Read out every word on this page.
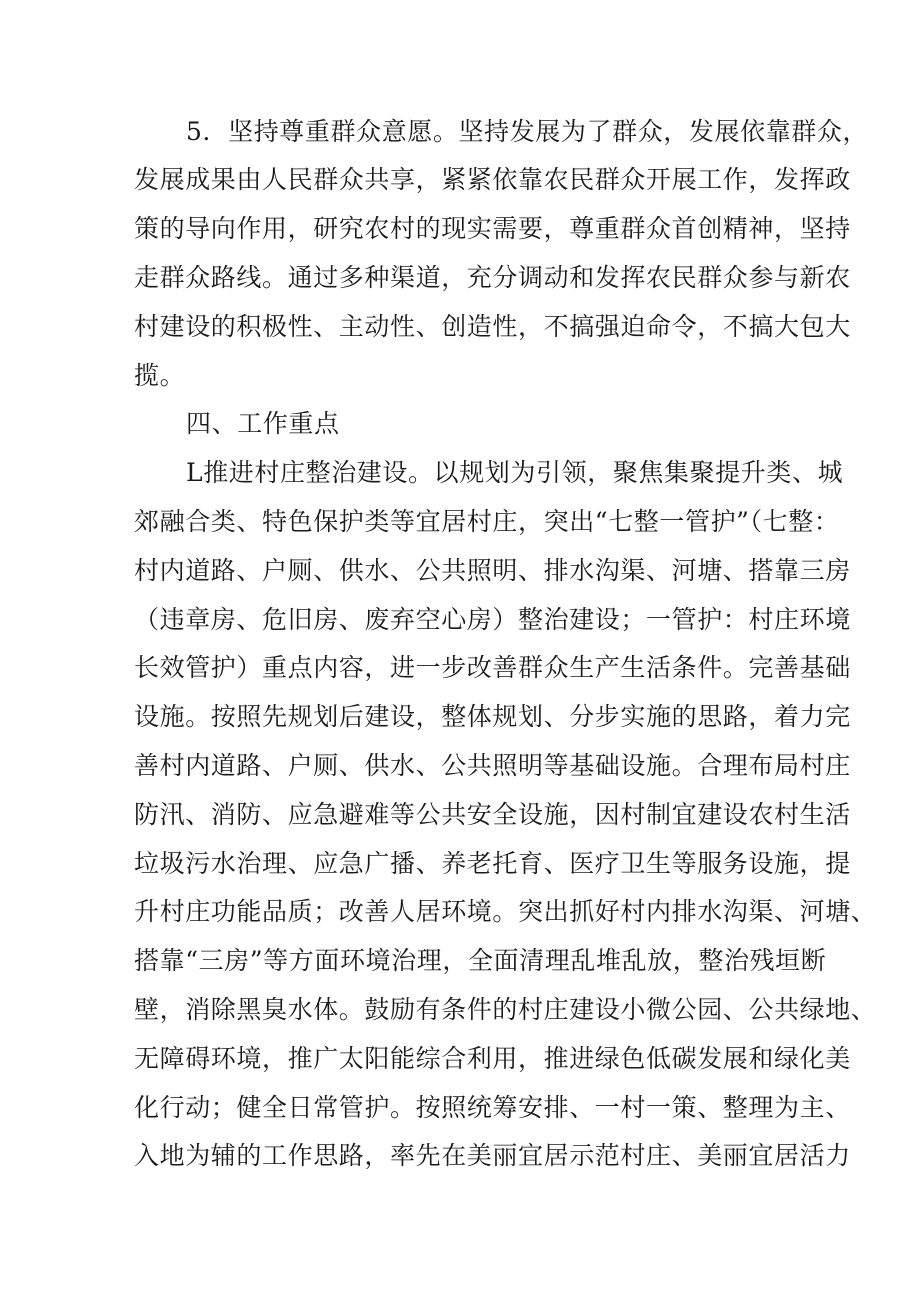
5．坚持尊重群众意愿。坚持发展为了群众，发展依靠群众，

发展成果由人民群众共享，紧紧依靠农民群众开展工作，发挥政

策的导向作用，研究农村的现实需要，尊重群众首创精神，坚持

走群众路线。通过多种渠道，充分调动和发挥农民群众参与新农

村建设的积极性、主动性、创造性，不搞强迫命令，不搞大包大

揽。

四、工作重点

L推进村庄整治建设。以规划为引领，聚焦集聚提升类、城

郊融合类、特色保护类等宜居村庄，突出“七整一管护”（七整：

村内道路、户厕、供水、公共照明、排水沟渠、河塘、搭靠三房

（违章房、危旧房、废弃空心房）整治建设；一管护：村庄环境

长效管护）重点内容，进一步改善群众生产生活条件。完善基础

设施。按照先规划后建设，整体规划、分步实施的思路，着力完

善村内道路、户厕、供水、公共照明等基础设施。合理布局村庄

防汛、消防、应急避难等公共安全设施，因村制宜建设农村生活

垃圾污水治理、应急广播、养老托育、医疗卫生等服务设施，提

升村庄功能品质；改善人居环境。突出抓好村内排水沟渠、河塘、

搭靠“三房”等方面环境治理，全面清理乱堆乱放，整治残垣断

壁，消除黑臭水体。鼓励有条件的村庄建设小微公园、公共绿地、

无障碍环境，推广太阳能综合利用，推进绿色低碳发展和绿化美

化行动；健全日常管护。按照统筹安排、一村一策、整理为主、

入地为辅的工作思路，率先在美丽宜居示范村庄、美丽宜居活力
